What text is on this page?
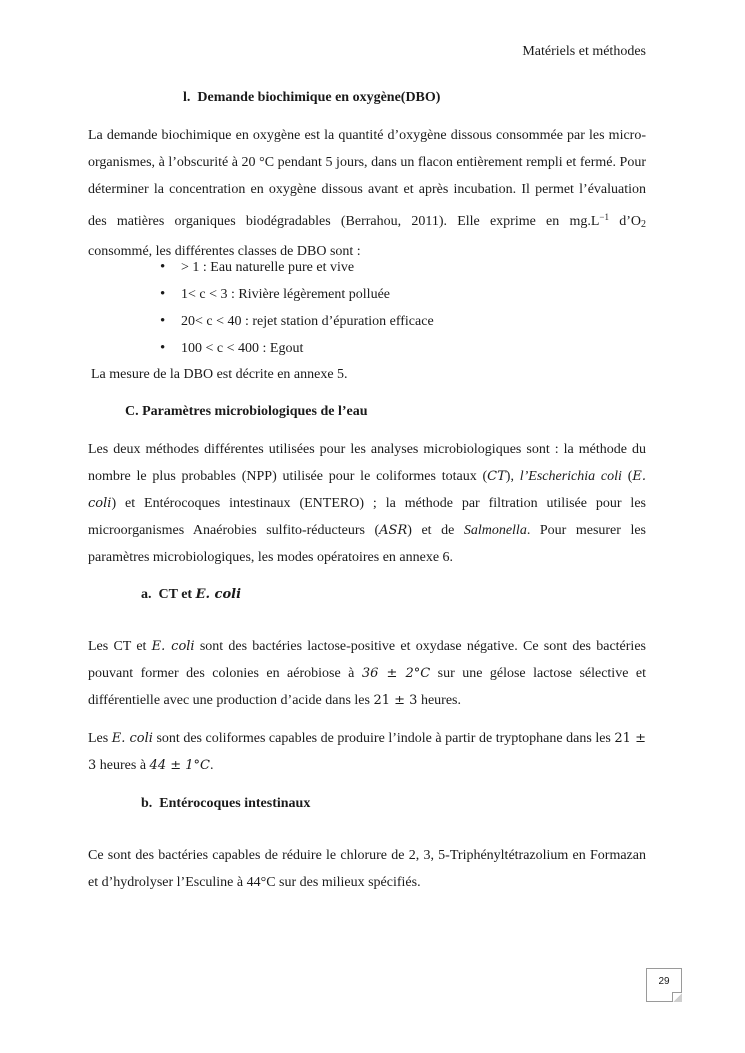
Matériels et méthodes
l. Demande biochimique en oxygène(DBO)
La demande biochimique en oxygène est la quantité d’oxygène dissous consommée par les micro-organismes, à l’obscurité à 20 °C pendant 5 jours, dans un flacon entièrement rempli et fermé. Pour déterminer la concentration en oxygène dissous avant et après incubation. Il permet l’évaluation des matières organiques biodégradables (Berrahou, 2011). Elle exprime en $mg.L^{-1}$ $d’O_2$ consommé, les différentes classes de DBO sont :
• > 1 : Eau naturelle pure et vive
• 1< c < 3 : Rivière légèrement polluée
• 20< c < 40 : rejet station d’épuration efficace
• 100 < c < 400 : Egout
La mesure de la DBO est décrite en annexe 5.
C. Paramètres microbiologiques de l’eau
Les deux méthodes différentes utilisées pour les analyses microbiologiques sont : la méthode du nombre le plus probables (NPP) utilisée pour le coliformes totaux (CT), l’Escherichia coli (E. coli) et Entérocoques intestinaux (ENTERO) ; la méthode par filtration utilisée pour les microorganismes Anaérobies sulfito-réducteurs (ASR) et de Salmonella. Pour mesurer les paramètres microbiologiques, les modes opératoires en annexe 6.
a. CT et E. coli
Les CT et E. coli sont des bactéries lactose-positive et oxydase négative. Ce sont des bactéries pouvant former des colonies en aérobiose à 36 ± 2°C sur une gélose lactose sélective et différentielle avec une production d’acide dans les 21 ± 3 heures.
Les E. coli sont des coliformes capables de produire l’indole à partir de tryptophane dans les 21 ± 3 heures à 44 ± 1°C.
b. Entérocoques intestinaux
Ce sont des bactéries capables de réduire le chlorure de 2, 3, 5-Triphényltétrazolium en Formazan et d’hydrolyser l’Esculine à 44°C sur des milieux spécifiés.
29
